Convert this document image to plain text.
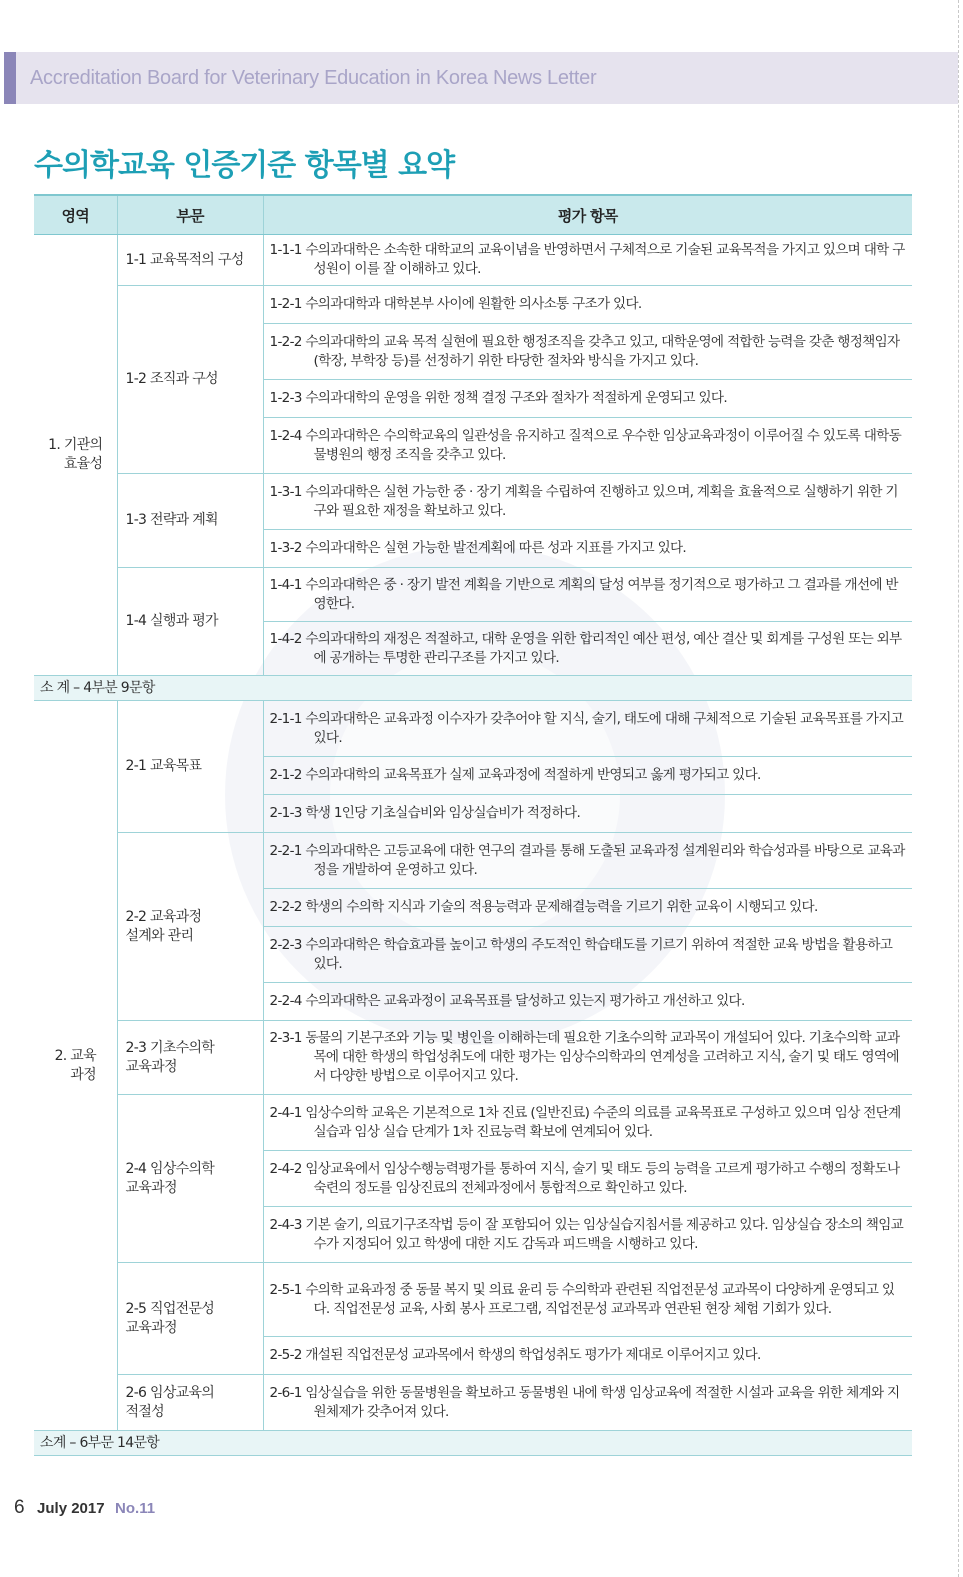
Accreditation Board for Veterinary Education in Korea News Letter
수의학교육 인증기준 항목별 요약
영역	부문	평가 항목
1. 기관의
효율성	1-1 교육목적의 구성	1-1-1 수의과대학은 소속한 대학교의 교육이념을 반영하면서 구체적으로 기술된 교육목적을 가지고 있으며 대학 구성원이 이를 잘 이해하고 있다.

	1-2 조직과 구성	1-2-1 수의과대학과 대학본부 사이에 원활한 의사소통 구조가 있다.

		1-2-2 수의과대학의 교육 목적 실현에 필요한 행정조직을 갖추고 있고, 대학운영에 적합한 능력을 갖춘 행정책임자(학장, 부학장 등)를 선정하기 위한 타당한 절차와 방식을 가지고 있다.

		1-2-3 수의과대학의 운영을 위한 정책 결정 구조와 절차가 적절하게 운영되고 있다.

		1-2-4 수의과대학은 수의학교육의 일관성을 유지하고 질적으로 우수한 임상교육과정이 이루어질 수 있도록 대학동물병원의 행정 조직을 갖추고 있다.

	1-3 전략과 계획	1-3-1 수의과대학은 실현 가능한 중 · 장기 계획을 수립하여 진행하고 있으며, 계획을 효율적으로 실행하기 위한 기구와 필요한 재정을 확보하고 있다.

		1-3-2 수의과대학은 실현 가능한 발전계획에 따른 성과 지표를 가지고 있다.

	1-4 실행과 평가	1-4-1 수의과대학은 중 · 장기 발전 계획을 기반으로 계획의 달성 여부를 정기적으로 평가하고 그 결과를 개선에 반영한다.

		1-4-2 수의과대학의 재정은 적절하고, 대학 운영을 위한 합리적인 예산 편성, 예산 결산 및 회계를 구성원 또는 외부에 공개하는 투명한 관리구조를 가지고 있다.

소 계 – 4부분 9문항		
2. 교육
과정	2-1 교육목표	2-1-1 수의과대학은 교육과정 이수자가 갖추어야 할 지식, 술기, 태도에 대해 구체적으로 기술된 교육목표를 가지고 있다.

		2-1-2 수의과대학의 교육목표가 실제 교육과정에 적절하게 반영되고 옳게 평가되고 있다.

		2-1-3 학생 1인당 기초실습비와 임상실습비가 적정하다.

	2-2 교육과정
설계와 관리	2-2-1 수의과대학은 고등교육에 대한 연구의 결과를 통해 도출된 교육과정 설계원리와 학습성과를 바탕으로 교육과정을 개발하여 운영하고 있다.

		2-2-2 학생의 수의학 지식과 기술의 적용능력과 문제해결능력을 기르기 위한 교육이 시행되고 있다.

		2-2-3 수의과대학은 학습효과를 높이고 학생의 주도적인 학습태도를 기르기 위하여 적절한 교육 방법을 활용하고 있다.

		2-2-4 수의과대학은 교육과정이 교육목표를 달성하고 있는지 평가하고 개선하고 있다.

	2-3 기초수의학
교육과정	2-3-1 동물의 기본구조와 기능 및 병인을 이해하는데 필요한 기초수의학 교과목이 개설되어 있다. 기초수의학 교과목에 대한 학생의 학업성취도에 대한 평가는 임상수의학과의 연계성을 고려하고 지식, 술기 및 태도 영역에서 다양한 방법으로 이루어지고 있다.

	2-4 임상수의학
교육과정	2-4-1 임상수의학 교육은 기본적으로 1차 진료 (일반진료) 수준의 의료를 교육목표로 구성하고 있으며 임상 전단계 실습과 임상 실습 단계가 1차 진료능력 확보에 연계되어 있다.

		2-4-2 임상교육에서 임상수행능력평가를 통하여 지식, 술기 및 태도 등의 능력을 고르게 평가하고 수행의 정확도나 숙련의 정도를 임상진료의 전체과정에서 통합적으로 확인하고 있다.

		2-4-3 기본 술기, 의료기구조작법 등이 잘 포함되어 있는 임상실습지침서를 제공하고 있다. 임상실습 장소의 책임교수가 지정되어 있고 학생에 대한 지도 감독과 피드백을 시행하고 있다.

	2-5 직업전문성
교육과정	2-5-1 수의학 교육과정 중 동물 복지 및 의료 윤리 등 수의학과 관련된 직업전문성 교과목이 다양하게 운영되고 있다. 직업전문성 교육, 사회 봉사 프로그램, 직업전문성 교과목과 연관된 현장 체험 기회가 있다.

		2-5-2 개설된 직업전문성 교과목에서 학생의 학업성취도 평가가 제대로 이루어지고 있다.

	2-6 임상교육의
적절성	2-6-1 임상실습을 위한 동물병원을 확보하고 동물병원 내에 학생 임상교육에 적절한 시설과 교육을 위한 체계와 지원체제가 갖추어져 있다.

소계 – 6부문 14문항		
6 July 2017 No.11
